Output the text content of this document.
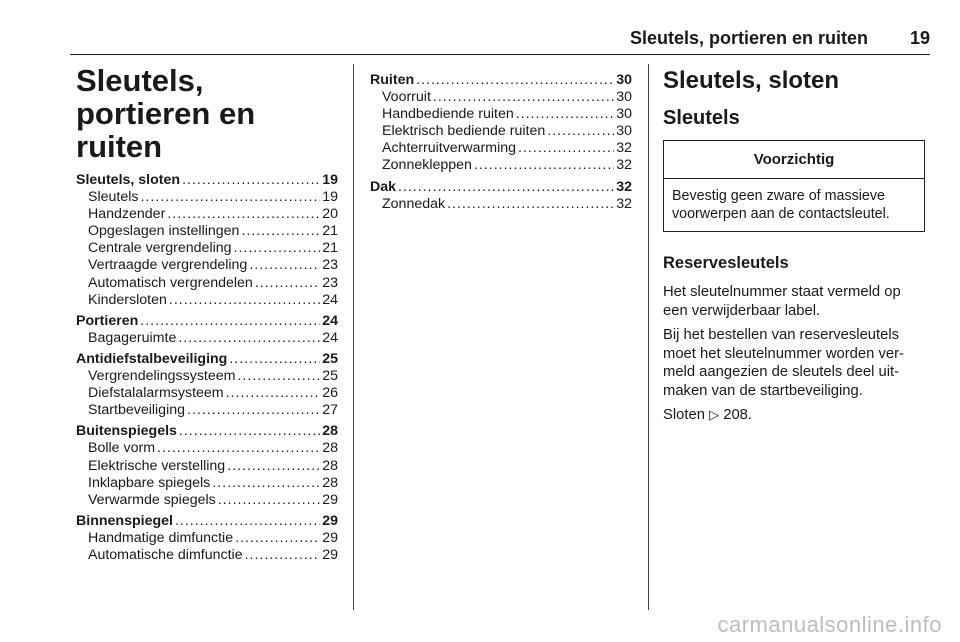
Sleutels, portieren en ruiten 19
Sleutels, portieren en ruiten
Sleutels, sloten .....	19
Sleutels .....	19
Handzender .....	20
Opgeslagen instellingen .....	21
Centrale vergrendeling .....	21
Vertraagde vergrendeling .....	23
Automatisch vergrendelen .....	23
Kindersloten .....	24
Portieren .....	24
Bagageruimte .....	24
Antidiefstalbeveiliging .....	25
Vergrendelingssysteem .....	25
Diefstalalarmsysteem .....	26
Startbeveiliging .....	27
Buitenspiegels .....	28
Bolle vorm .....	28
Elektrische verstelling .....	28
Inklapbare spiegels .....	28
Verwarmde spiegels .....	29
Binnenspiegel .....	29
Handmatige dimfunctie .....	29
Automatische dimfunctie .....	29
Ruiten .....	30
Voorruit .....	30
Handbediende ruiten .....	30
Elektrisch bediende ruiten .....	30
Achterruitverwarming .....	32
Zonnekleppen .....	32
Dak .....	32
Zonnedak .....	32
Sleutels, sloten
Sleutels
Voorzichtig
Bevestig geen zware of massieve voorwerpen aan de contactsleutel.
Reservesleutels

Het sleutelnummer staat vermeld op een verwijderbaar label.

Bij het bestellen van reservesleutels moet het sleutelnummer worden ver-meld aangezien de sleutels deel uit-maken van de startbeveiliging.

Sloten ▷ 208.

carmanualsonline.info
